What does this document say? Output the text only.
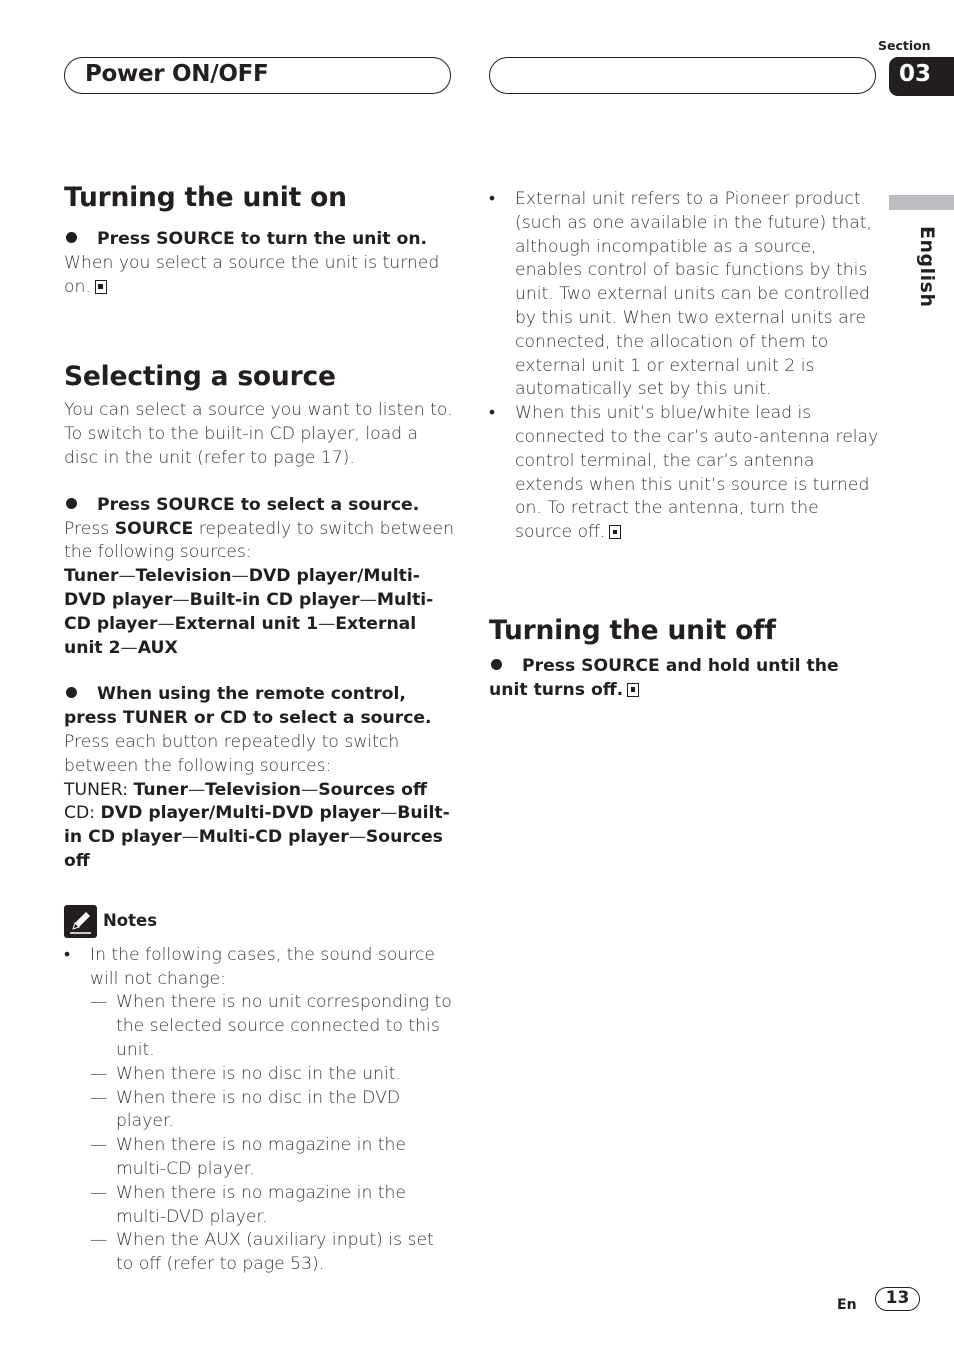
Section
Power ON/OFF	03
English
Turning the unit on

Press SOURCE to turn the unit on.

When you select a source the unit is turned on.

Selecting a source

You can select a source you want to listen to. To switch to the built-in CD player, load a disc in the unit (refer to page 17).

Press SOURCE to select a source.

Press SOURCE repeatedly to switch between the following sources:

Tuner—Television—DVD player/Multi-DVD player—Built-in CD player—Multi-CD player—External unit 1—External unit 2—AUX

When using the remote control, press TUNER or CD to select a source.

Press each button repeatedly to switch between the following sources:

TUNER: Tuner—Television—Sources off

CD: DVD player/Multi-DVD player—Built-in CD player—Multi-CD player—Sources off

Notes
• In the following cases, the sound source will not change:
— When there is no unit corresponding to the selected source connected to this unit.
— When there is no disc in the unit.
— When there is no disc in the DVD player.
— When there is no magazine in the multi-CD player.
— When there is no magazine in the multi-DVD player.
— When the AUX (auxiliary input) is set to off (refer to page 53).
• External unit refers to a Pioneer product (such as one available in the future) that, although incompatible as a source, enables control of basic functions by this unit. Two external units can be controlled by this unit. When two external units are connected, the allocation of them to external unit 1 or external unit 2 is automatically set by this unit.
• When this unit’s blue/white lead is connected to the car’s auto-antenna relay control terminal, the car’s antenna extends when this unit’s source is turned on. To retract the antenna, turn the source off.
Turning the unit off

Press SOURCE and hold until the unit turns off.

En	13
